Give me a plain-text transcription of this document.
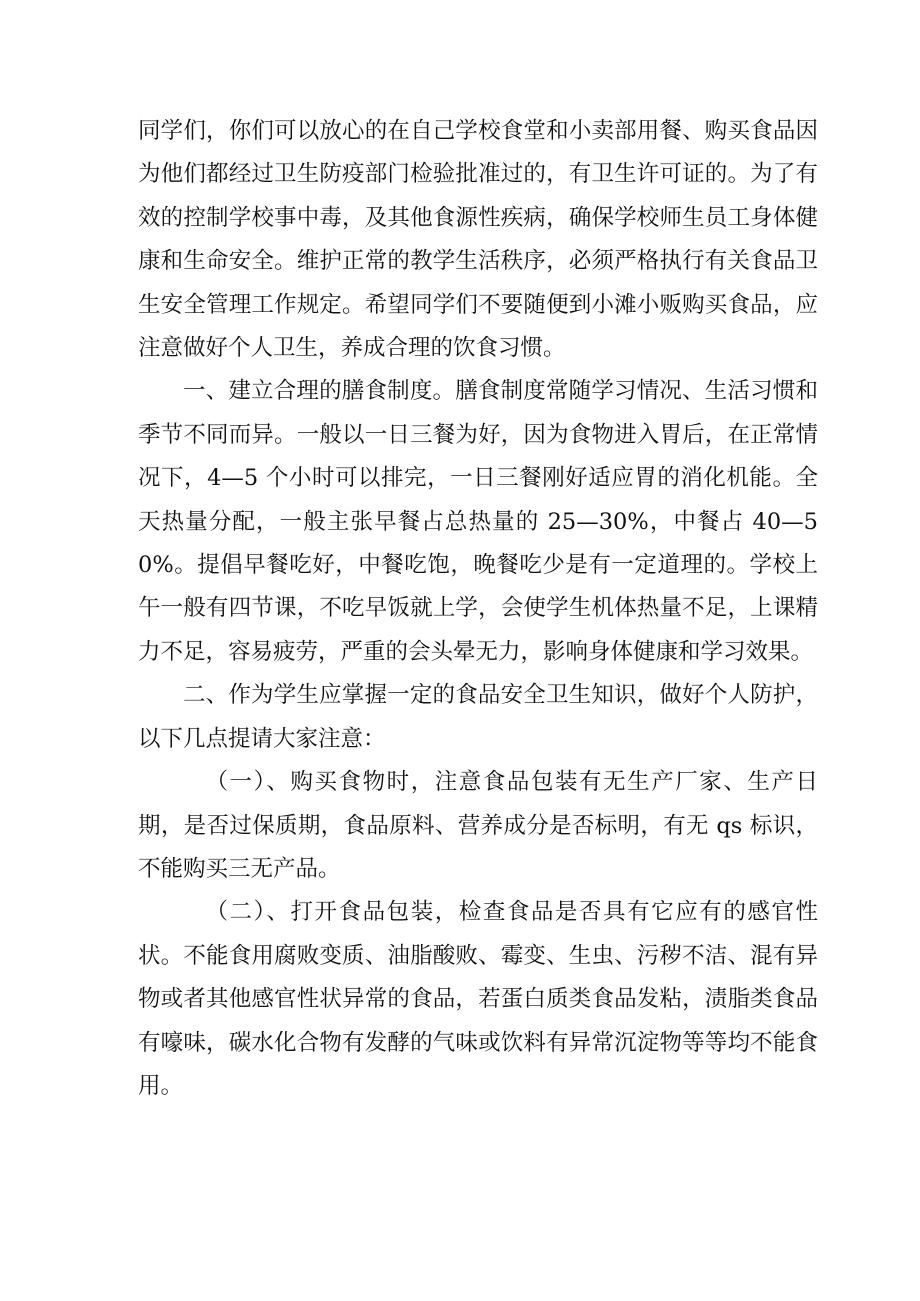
同学们，你们可以放心的在自己学校食堂和小卖部用餐、购买食品因为他们都经过卫生防疫部门检验批准过的，有卫生许可证的。为了有效的控制学校事中毒，及其他食源性疾病，确保学校师生员工身体健康和生命安全。维护正常的教学生活秩序，必须严格执行有关食品卫生安全管理工作规定。希望同学们不要随便到小滩小贩购买食品，应注意做好个人卫生，养成合理的饮食习惯。

一、建立合理的膳食制度。膳食制度常随学习情况、生活习惯和季节不同而异。一般以一日三餐为好，因为食物进入胃后，在正常情况下，4—5 个小时可以排完，一日三餐刚好适应胃的消化机能。全天热量分配，一般主张早餐占总热量的 25—30%，中餐占 40—50%。提倡早餐吃好，中餐吃饱，晚餐吃少是有一定道理的。学校上午一般有四节课，不吃早饭就上学，会使学生机体热量不足，上课精力不足，容易疲劳，严重的会头晕无力，影响身体健康和学习效果。

二、作为学生应掌握一定的食品安全卫生知识，做好个人防护，以下几点提请大家注意：

（一）、购买食物时，注意食品包装有无生产厂家、生产日期，是否过保质期，食品原料、营养成分是否标明，有无 qs 标识，不能购买三无产品。

（二）、打开食品包装，检查食品是否具有它应有的感官性状。不能食用腐败变质、油脂酸败、霉变、生虫、污秽不洁、混有异物或者其他感官性状异常的食品，若蛋白质类食品发粘，渍脂类食品有嚎味，碳水化合物有发酵的气味或饮料有异常沉淀物等等均不能食用。
